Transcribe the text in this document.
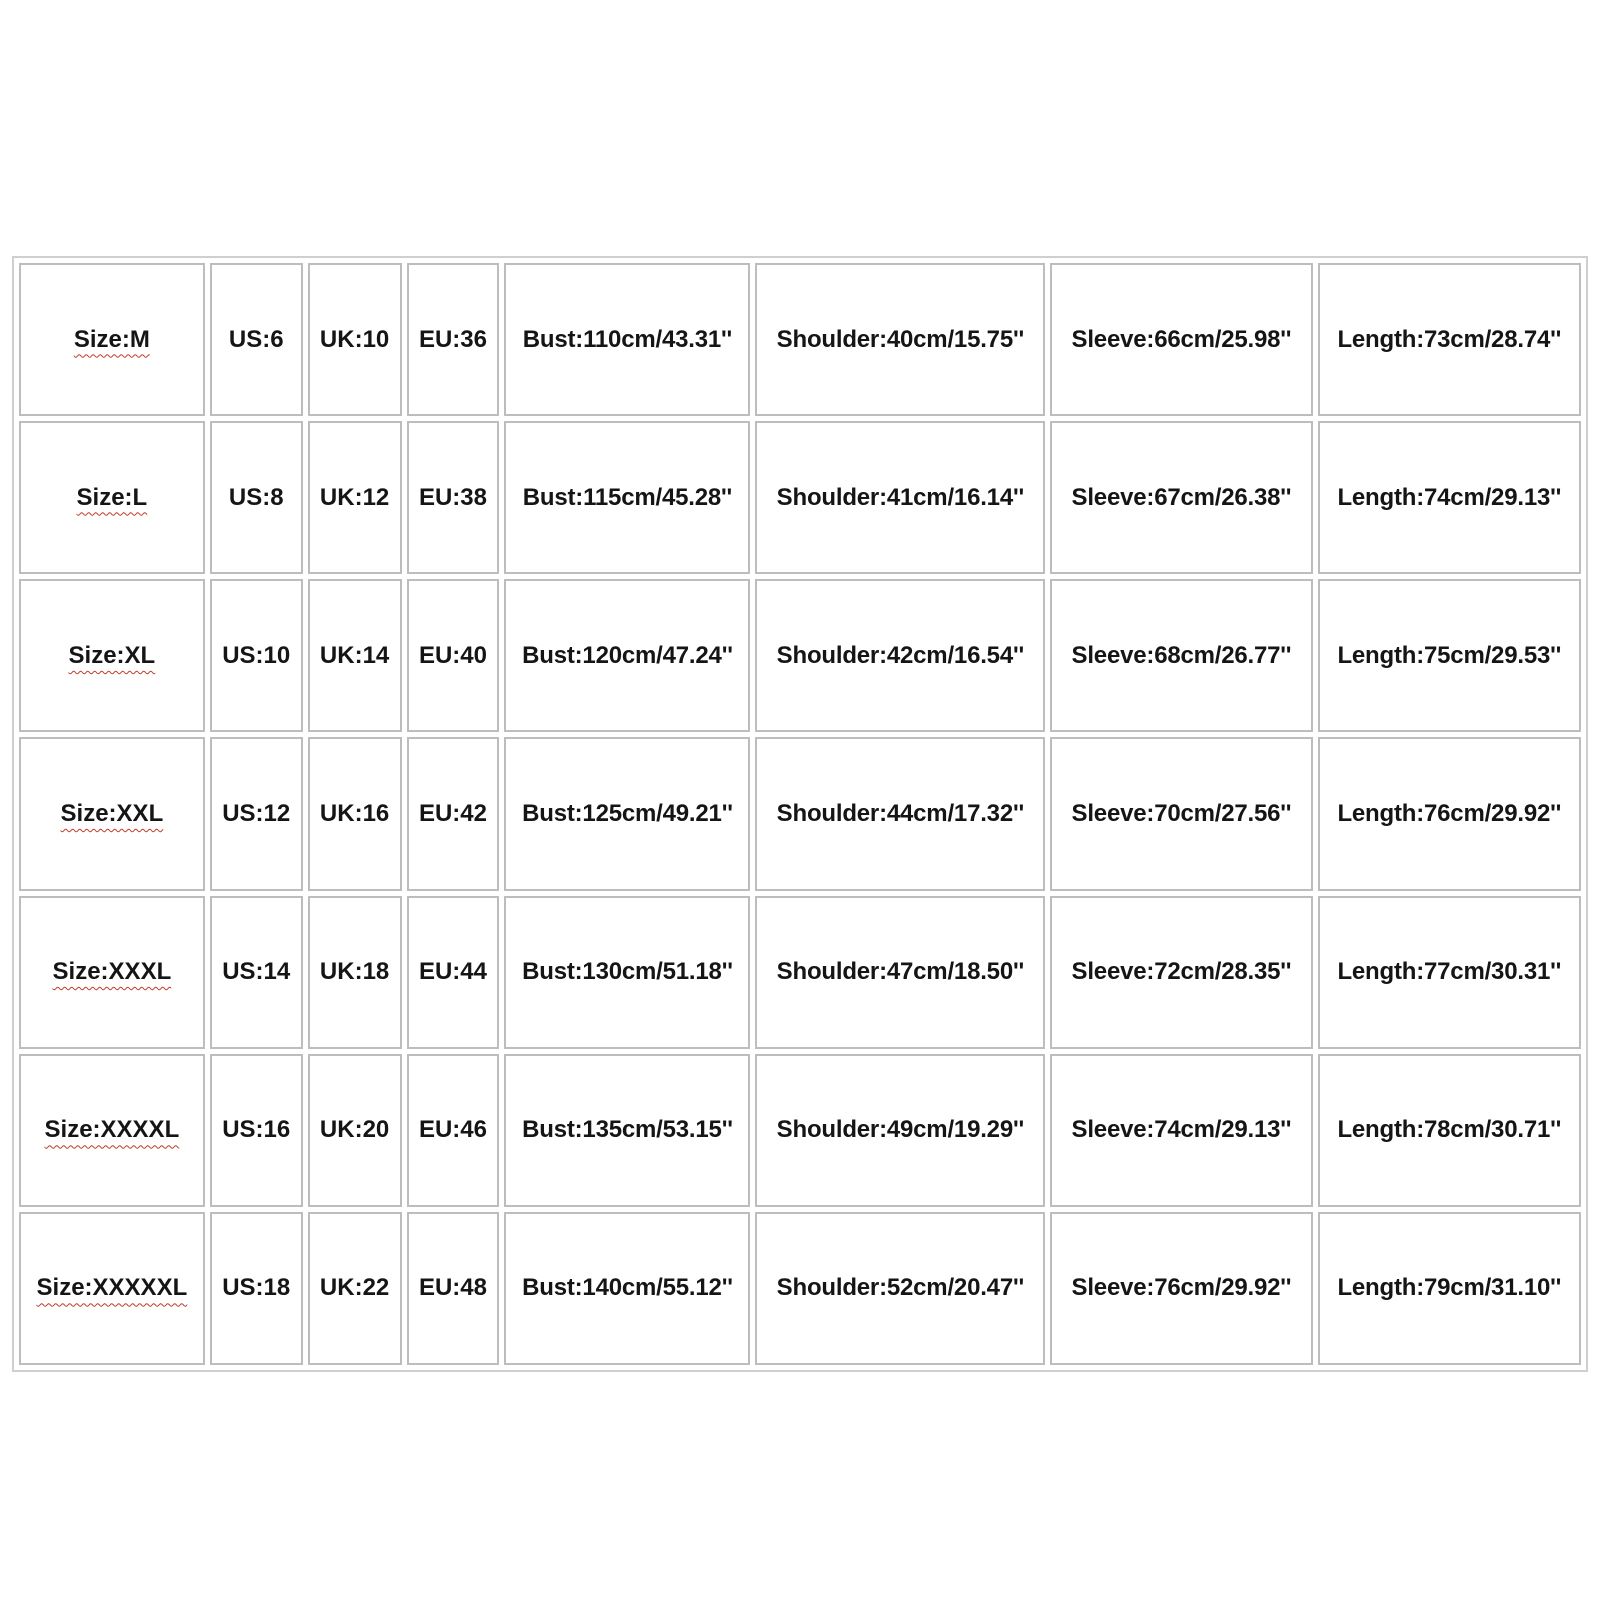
Size:M	US:6	UK:10	EU:36	Bust:110cm/43.31''	Shoulder:40cm/15.75''	Sleeve:66cm/25.98''	Length:73cm/28.74''
Size:L	US:8	UK:12	EU:38	Bust:115cm/45.28''	Shoulder:41cm/16.14''	Sleeve:67cm/26.38''	Length:74cm/29.13''
Size:XL	US:10	UK:14	EU:40	Bust:120cm/47.24''	Shoulder:42cm/16.54''	Sleeve:68cm/26.77''	Length:75cm/29.53''
Size:XXL	US:12	UK:16	EU:42	Bust:125cm/49.21''	Shoulder:44cm/17.32''	Sleeve:70cm/27.56''	Length:76cm/29.92''
Size:XXXL	US:14	UK:18	EU:44	Bust:130cm/51.18''	Shoulder:47cm/18.50''	Sleeve:72cm/28.35''	Length:77cm/30.31''
Size:XXXXL	US:16	UK:20	EU:46	Bust:135cm/53.15''	Shoulder:49cm/19.29''	Sleeve:74cm/29.13''	Length:78cm/30.71''
Size:XXXXXL	US:18	UK:22	EU:48	Bust:140cm/55.12''	Shoulder:52cm/20.47''	Sleeve:76cm/29.92''	Length:79cm/31.10''
